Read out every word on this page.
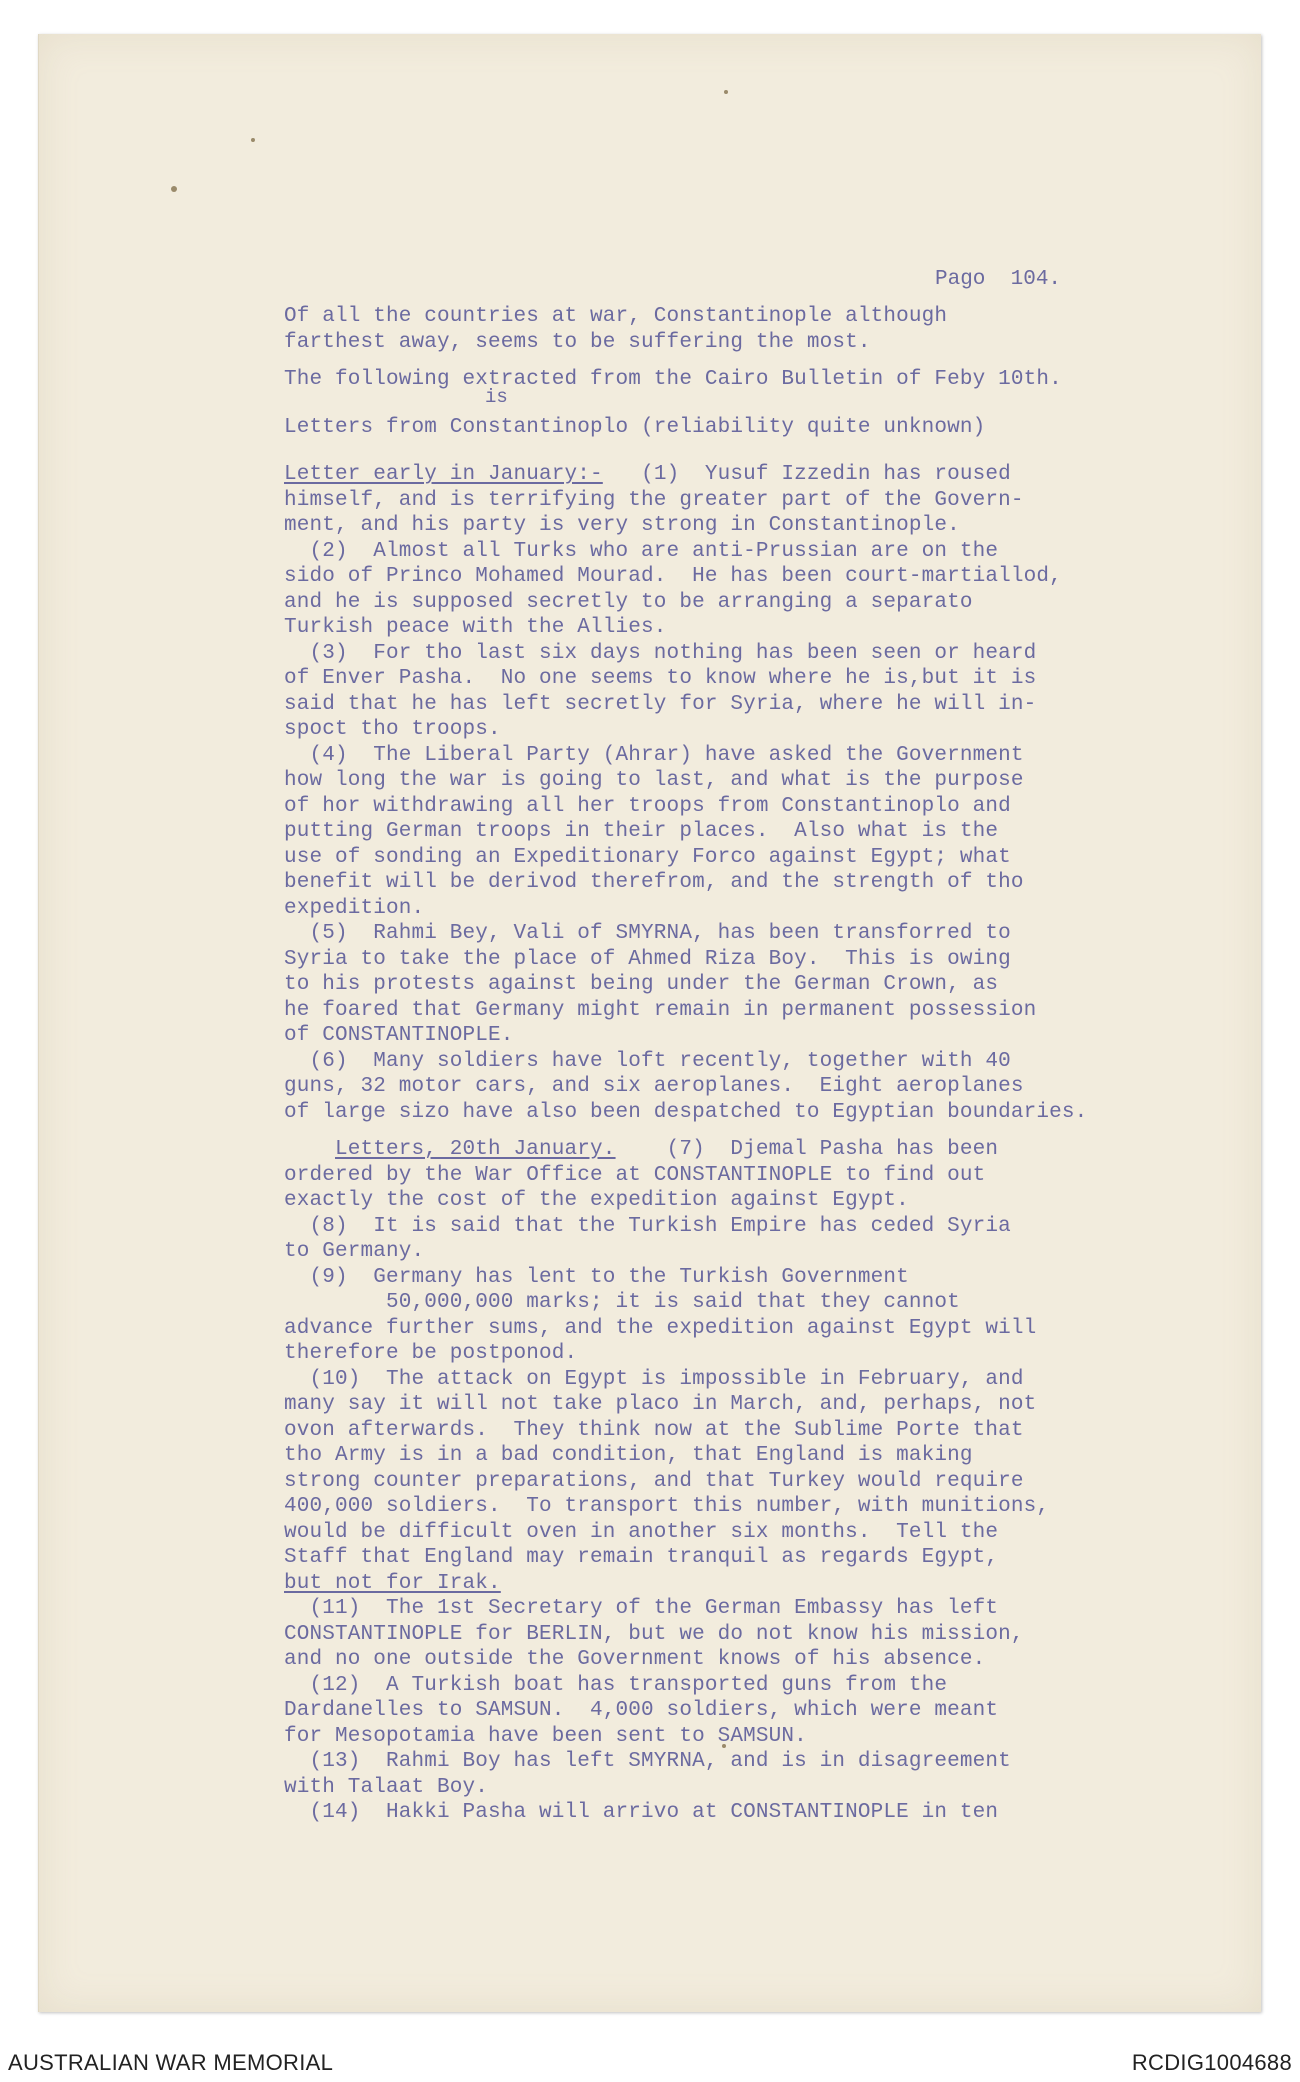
Pago  104.
is
Of all the countries at war, Constantinople although
farthest away, seems to be suffering the most.
The following extracted from the Cairo Bulletin of Feby 10th.
Letters from Constantinoplo (reliability quite unknown)
Letter early in January:-   (1)  Yusuf Izzedin has roused
himself, and is terrifying the greater part of the Govern-
ment, and his party is very strong in Constantinople.
(2)  Almost all Turks who are anti-Prussian are on the
sido of Princo Mohamed Mourad.  He has been court-martiallod,
and he is supposed secretly to be arranging a separato
Turkish peace with the Allies.
(3)  For tho last six days nothing has been seen or heard
of Enver Pasha.  No one seems to know where he is,but it is
said that he has left secretly for Syria, where he will in-
spoct tho troops.
(4)  The Liberal Party (Ahrar) have asked the Government
how long the war is going to last, and what is the purpose
of hor withdrawing all her troops from Constantinoplo and
putting German troops in their places.  Also what is the
use of sonding an Expeditionary Forco against Egypt; what
benefit will be derivod therefrom, and the strength of tho
expedition.
(5)  Rahmi Bey, Vali of SMYRNA, has been transforred to
Syria to take the place of Ahmed Riza Boy.  This is owing
to his protests against being under the German Crown, as
he foared that Germany might remain in permanent possession
of CONSTANTINOPLE.
(6)  Many soldiers have loft recently, together with 40
guns, 32 motor cars, and six aeroplanes.  Eight aeroplanes
of large sizo have also been despatched to Egyptian boundaries.
Letters, 20th January.    (7)  Djemal Pasha has been
ordered by the War Office at CONSTANTINOPLE to find out
exactly the cost of the expedition against Egypt.
(8)  It is said that the Turkish Empire has ceded Syria
to Germany.
(9)  Germany has lent to the Turkish Government
50,000,000 marks; it is said that they cannot
advance further sums, and the expedition against Egypt will
therefore be postponod.
(10)  The attack on Egypt is impossible in February, and
many say it will not take placo in March, and, perhaps, not
ovon afterwards.  They think now at the Sublime Porte that
tho Army is in a bad condition, that England is making
strong counter preparations, and that Turkey would require
400,000 soldiers.  To transport this number, with munitions,
would be difficult oven in another six months.  Tell the
Staff that England may remain tranquil as regards Egypt,
but not for Irak.
(11)  The 1st Secretary of the German Embassy has left
CONSTANTINOPLE for BERLIN, but we do not know his mission,
and no one outside the Government knows of his absence.
(12)  A Turkish boat has transported guns from the
Dardanelles to SAMSUN.  4,000 soldiers, which were meant
for Mesopotamia have been sent to SAMSUN.
(13)  Rahmi Boy has left SMYRNA, and is in disagreement
with Talaat Boy.
(14)  Hakki Pasha will arrivo at CONSTANTINOPLE in ten
AUSTRALIAN WAR MEMORIAL	RCDIG1004688
